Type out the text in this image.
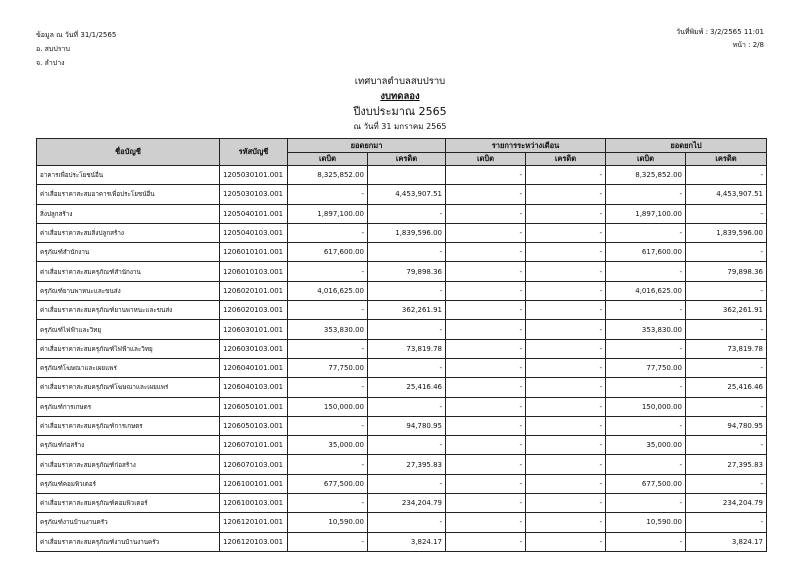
ข้อมูล ณ วันที่ 31/1/2565
อ. สบปราบ
จ. ลำปาง
วันที่พิมพ์ : 3/2/2565 11:01
หน้า : 2/8
เทศบาลตำบลสบปราบ
งบทดลอง
ปีงบประมาณ 2565
ณ วันที่ 31 มกราคม 2565
ชื่อบัญชี	รหัสบัญชี	ยอดยกมา		รายการระหว่างเดือน		ยอดยกไป	
		เดบิต	เครดิต	เดบิต	เครดิต	เดบิต	เครดิต
อาคารเพื่อประโยชน์อื่น	1205030101.001	8,325,852.00		-	-	8,325,852.00	-
ค่าเสื่อมราคาสะสมอาคารเพื่อประโยชน์อื่น	1205030103.001	-	4,453,907.51	-	-	-	4,453,907.51
สิ่งปลูกสร้าง	1205040101.001	1,897,100.00	-	-	-	1,897,100.00	-
ค่าเสื่อมราคาสะสมสิ่งปลูกสร้าง	1205040103.001	-	1,839,596.00	-	-	-	1,839,596.00
ครุภัณฑ์สำนักงาน	1206010101.001	617,600.00	-	-	-	617,600.00	-
ค่าเสื่อมราคาสะสมครุภัณฑ์สำนักงาน	1206010103.001	-	79,898.36	-	-	-	79,898.36
ครุภัณฑ์ยานพาหนะและขนส่ง	1206020101.001	4,016,625.00	-	-	-	4,016,625.00	-
ค่าเสื่อมราคาสะสมครุภัณฑ์ยานพาหนะและขนส่ง	1206020103.001	-	362,261.91	-	-	-	362,261.91
ครุภัณฑ์ไฟฟ้าและวิทยุ	1206030101.001	353,830.00	-	-	-	353,830.00	-
ค่าเสื่อมราคาสะสมครุภัณฑ์ไฟฟ้าและวิทยุ	1206030103.001	-	73,819.78	-	-	-	73,819.78
ครุภัณฑ์โฆษณาและเผยแพร่	1206040101.001	77,750.00	-	-	-	77,750.00	-
ค่าเสื่อมราคาสะสมครุภัณฑ์โฆษณาและเผยแพร่	1206040103.001	-	25,416.46	-	-	-	25,416.46
ครุภัณฑ์การเกษตร	1206050101.001	150,000.00	-	-	-	150,000.00	-
ค่าเสื่อมราคาสะสมครุภัณฑ์การเกษตร	1206050103.001	-	94,780.95	-	-	-	94,780.95
ครุภัณฑ์ก่อสร้าง	1206070101.001	35,000.00	-	-	-	35,000.00	-
ค่าเสื่อมราคาสะสมครุภัณฑ์ก่อสร้าง	1206070103.001	-	27,395.83	-	-	-	27,395.83
ครุภัณฑ์คอมพิวเตอร์	1206100101.001	677,500.00	-	-	-	677,500.00	-
ค่าเสื่อมราคาสะสมครุภัณฑ์คอมพิวเตอร์	1206100103.001	-	234,204.79	-	-	-	234,204.79
ครุภัณฑ์งานบ้านงานครัว	1206120101.001	10,590.00	-	-	-	10,590.00	-
ค่าเสื่อมราคาสะสมครุภัณฑ์งานบ้านงานครัว	1206120103.001	-	3,824.17	-	-	-	3,824.17
